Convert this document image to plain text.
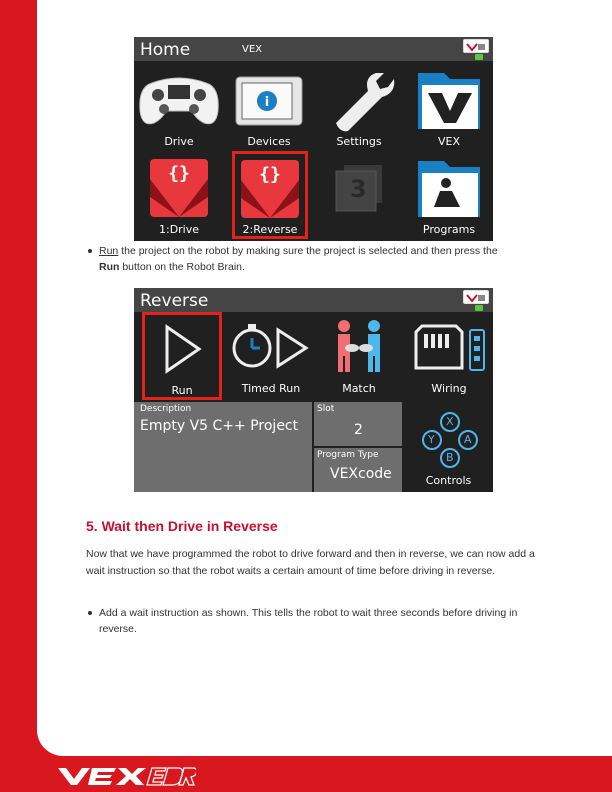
Home	VEX
Drive
i
Devices	Settings	VEX
{}
1:Drive
{}
2:Reverse
3
Programs
Run the project on the robot by making sure the project is selected and then press the
Run button on the Robot Brain.
Reverse
Run	Timed Run	Match	Wiring
Description
Empty V5 C++ Project
Slot
2
Program Type
VEXcode
X
Y	A
B
Controls
5. Wait then Drive in Reverse
Now that we have programmed the robot to drive forward and then in reverse, we can now add a wait instruction so that the robot waits a certain amount of time before driving in reverse.
Add a wait instruction as shown. This tells the robot to wait three seconds before driving in reverse.
